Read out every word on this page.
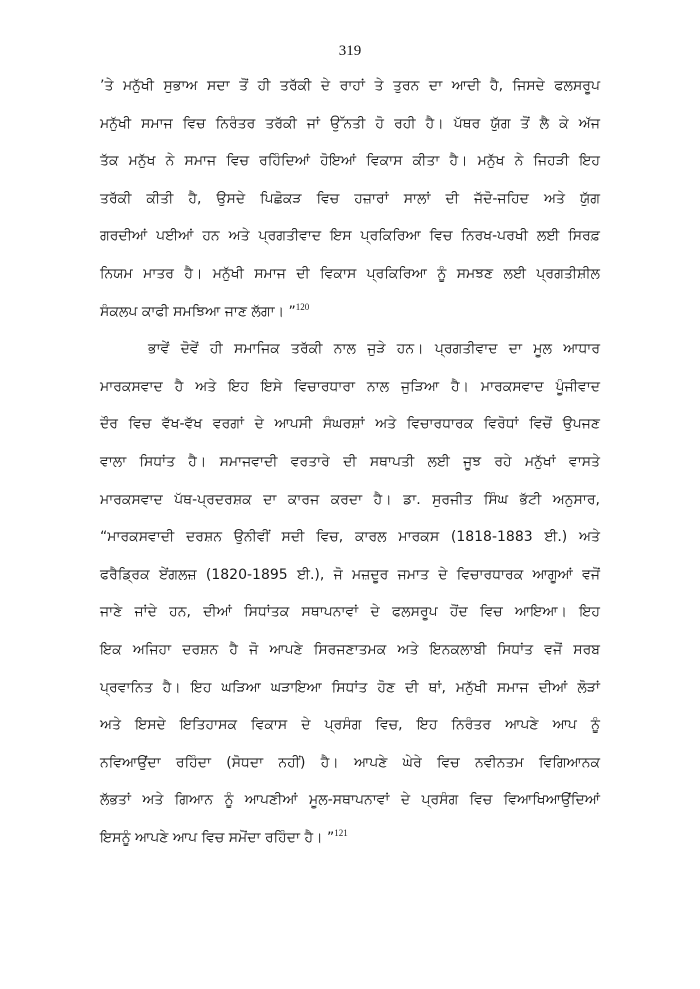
319
’ਤੇ ਮਨੁੱਖੀ ਸੁਭਾਅ ਸਦਾ ਤੋਂ ਹੀ ਤਰੱਕੀ ਦੇ ਰਾਹਾਂ ਤੇ ਤੁਰਨ ਦਾ ਆਦੀ ਹੈ, ਜਿਸਦੇ ਫਲਸਰੂਪ
ਮਨੁੱਖੀ ਸਮਾਜ ਵਿਚ ਨਿਰੰਤਰ ਤਰੱਕੀ ਜਾਂ ਉੱਨਤੀ ਹੋ ਰਹੀ ਹੈ। ਪੱਥਰ ਯੁੱਗ ਤੋਂ ਲੈ ਕੇ ਅੱਜ
ਤੱਕ ਮਨੁੱਖ ਨੇ ਸਮਾਜ ਵਿਚ ਰਹਿੰਦਿਆਂ ਹੋਇਆਂ ਵਿਕਾਸ ਕੀਤਾ ਹੈ। ਮਨੁੱਖ ਨੇ ਜਿਹੜੀ ਇਹ
ਤਰੱਕੀ ਕੀਤੀ ਹੈ, ਉਸਦੇ ਪਿਛੋਕੜ ਵਿਚ ਹਜ਼ਾਰਾਂ ਸਾਲਾਂ ਦੀ ਜੱਦੋ-ਜਹਿਦ ਅਤੇ ਯੁੱਗ
ਗਰਦੀਆਂ ਪਈਆਂ ਹਨ ਅਤੇ ਪ੍ਰਗਤੀਵਾਦ ਇਸ ਪ੍ਰਕਿਰਿਆ ਵਿਚ ਨਿਰਖ-ਪਰਖੀ ਲਈ ਸਿਰਫ਼
ਨਿਯਮ ਮਾਤਰ ਹੈ। ਮਨੁੱਖੀ ਸਮਾਜ ਦੀ ਵਿਕਾਸ ਪ੍ਰਕਿਰਿਆ ਨੂੰ ਸਮਝਣ ਲਈ ਪ੍ਰਗਤੀਸ਼ੀਲ
ਸੰਕਲਪ ਕਾਫੀ ਸਮਝਿਆ ਜਾਣ ਲੱਗਾ। ”$^{120}$
ਭਾਵੇਂ ਦੋਵੇਂ ਹੀ ਸਮਾਜਿਕ ਤਰੱਕੀ ਨਾਲ ਜੁੜੇ ਹਨ। ਪ੍ਰਗਤੀਵਾਦ ਦਾ ਮੂਲ ਆਧਾਰ
ਮਾਰਕਸਵਾਦ ਹੈ ਅਤੇ ਇਹ ਇਸੇ ਵਿਚਾਰਧਾਰਾ ਨਾਲ ਜੁੜਿਆ ਹੈ। ਮਾਰਕਸਵਾਦ ਪੂੰਜੀਵਾਦ
ਦੌਰ ਵਿਚ ਵੱਖ-ਵੱਖ ਵਰਗਾਂ ਦੇ ਆਪਸੀ ਸੰਘਰਸ਼ਾਂ ਅਤੇ ਵਿਚਾਰਧਾਰਕ ਵਿਰੋਧਾਂ ਵਿਚੋਂ ਉਪਜਣ
ਵਾਲਾ ਸਿਧਾਂਤ ਹੈ। ਸਮਾਜਵਾਦੀ ਵਰਤਾਰੇ ਦੀ ਸਥਾਪਤੀ ਲਈ ਜੂਝ ਰਹੇ ਮਨੁੱਖਾਂ ਵਾਸਤੇ
ਮਾਰਕਸਵਾਦ ਪੱਥ-ਪ੍ਰਦਰਸ਼ਕ ਦਾ ਕਾਰਜ ਕਰਦਾ ਹੈ। ਡਾ. ਸੁਰਜੀਤ ਸਿੰਘ ਭੱਟੀ ਅਨੁਸਾਰ,
“ਮਾਰਕਸਵਾਦੀ ਦਰਸ਼ਨ ਉਨੀਵੀਂ ਸਦੀ ਵਿਚ, ਕਾਰਲ ਮਾਰਕਸ (1818-1883 ਈ.) ਅਤੇ
ਫਰੈਡ੍ਰਿਕ ਏਂਗਲਜ਼ (1820-1895 ਈ.), ਜੋ ਮਜ਼ਦੂਰ ਜਮਾਤ ਦੇ ਵਿਚਾਰਧਾਰਕ ਆਗੂਆਂ ਵਜੋਂ
ਜਾਣੇ ਜਾਂਦੇ ਹਨ, ਦੀਆਂ ਸਿਧਾਂਤਕ ਸਥਾਪਨਾਵਾਂ ਦੇ ਫਲਸਰੂਪ ਹੋਂਦ ਵਿਚ ਆਇਆ। ਇਹ
ਇਕ ਅਜਿਹਾ ਦਰਸ਼ਨ ਹੈ ਜੋ ਆਪਣੇ ਸਿਰਜਣਾਤਮਕ ਅਤੇ ਇਨਕਲਾਬੀ ਸਿਧਾਂਤ ਵਜੋਂ ਸਰਬ
ਪ੍ਰਵਾਨਿਤ ਹੈ। ਇਹ ਘੜਿਆ ਘੜਾਇਆ ਸਿਧਾਂਤ ਹੋਣ ਦੀ ਥਾਂ, ਮਨੁੱਖੀ ਸਮਾਜ ਦੀਆਂ ਲੋੜਾਂ
ਅਤੇ ਇਸਦੇ ਇਤਿਹਾਸਕ ਵਿਕਾਸ ਦੇ ਪ੍ਰਸੰਗ ਵਿਚ, ਇਹ ਨਿਰੰਤਰ ਆਪਣੇ ਆਪ ਨੂੰ
ਨਵਿਆਉਂਦਾ ਰਹਿੰਦਾ (ਸੋਧਦਾ ਨਹੀਂ) ਹੈ। ਆਪਣੇ ਘੇਰੇ ਵਿਚ ਨਵੀਨਤਮ ਵਿਗਿਆਨਕ
ਲੱਭਤਾਂ ਅਤੇ ਗਿਆਨ ਨੂੰ ਆਪਣੀਆਂ ਮੂਲ-ਸਥਾਪਨਾਵਾਂ ਦੇ ਪ੍ਰਸੰਗ ਵਿਚ ਵਿਆਖਿਆਉਂਦਿਆਂ
ਇਸਨੂੰ ਆਪਣੇ ਆਪ ਵਿਚ ਸਮੋਂਦਾ ਰਹਿੰਦਾ ਹੈ। ”$^{121}$
